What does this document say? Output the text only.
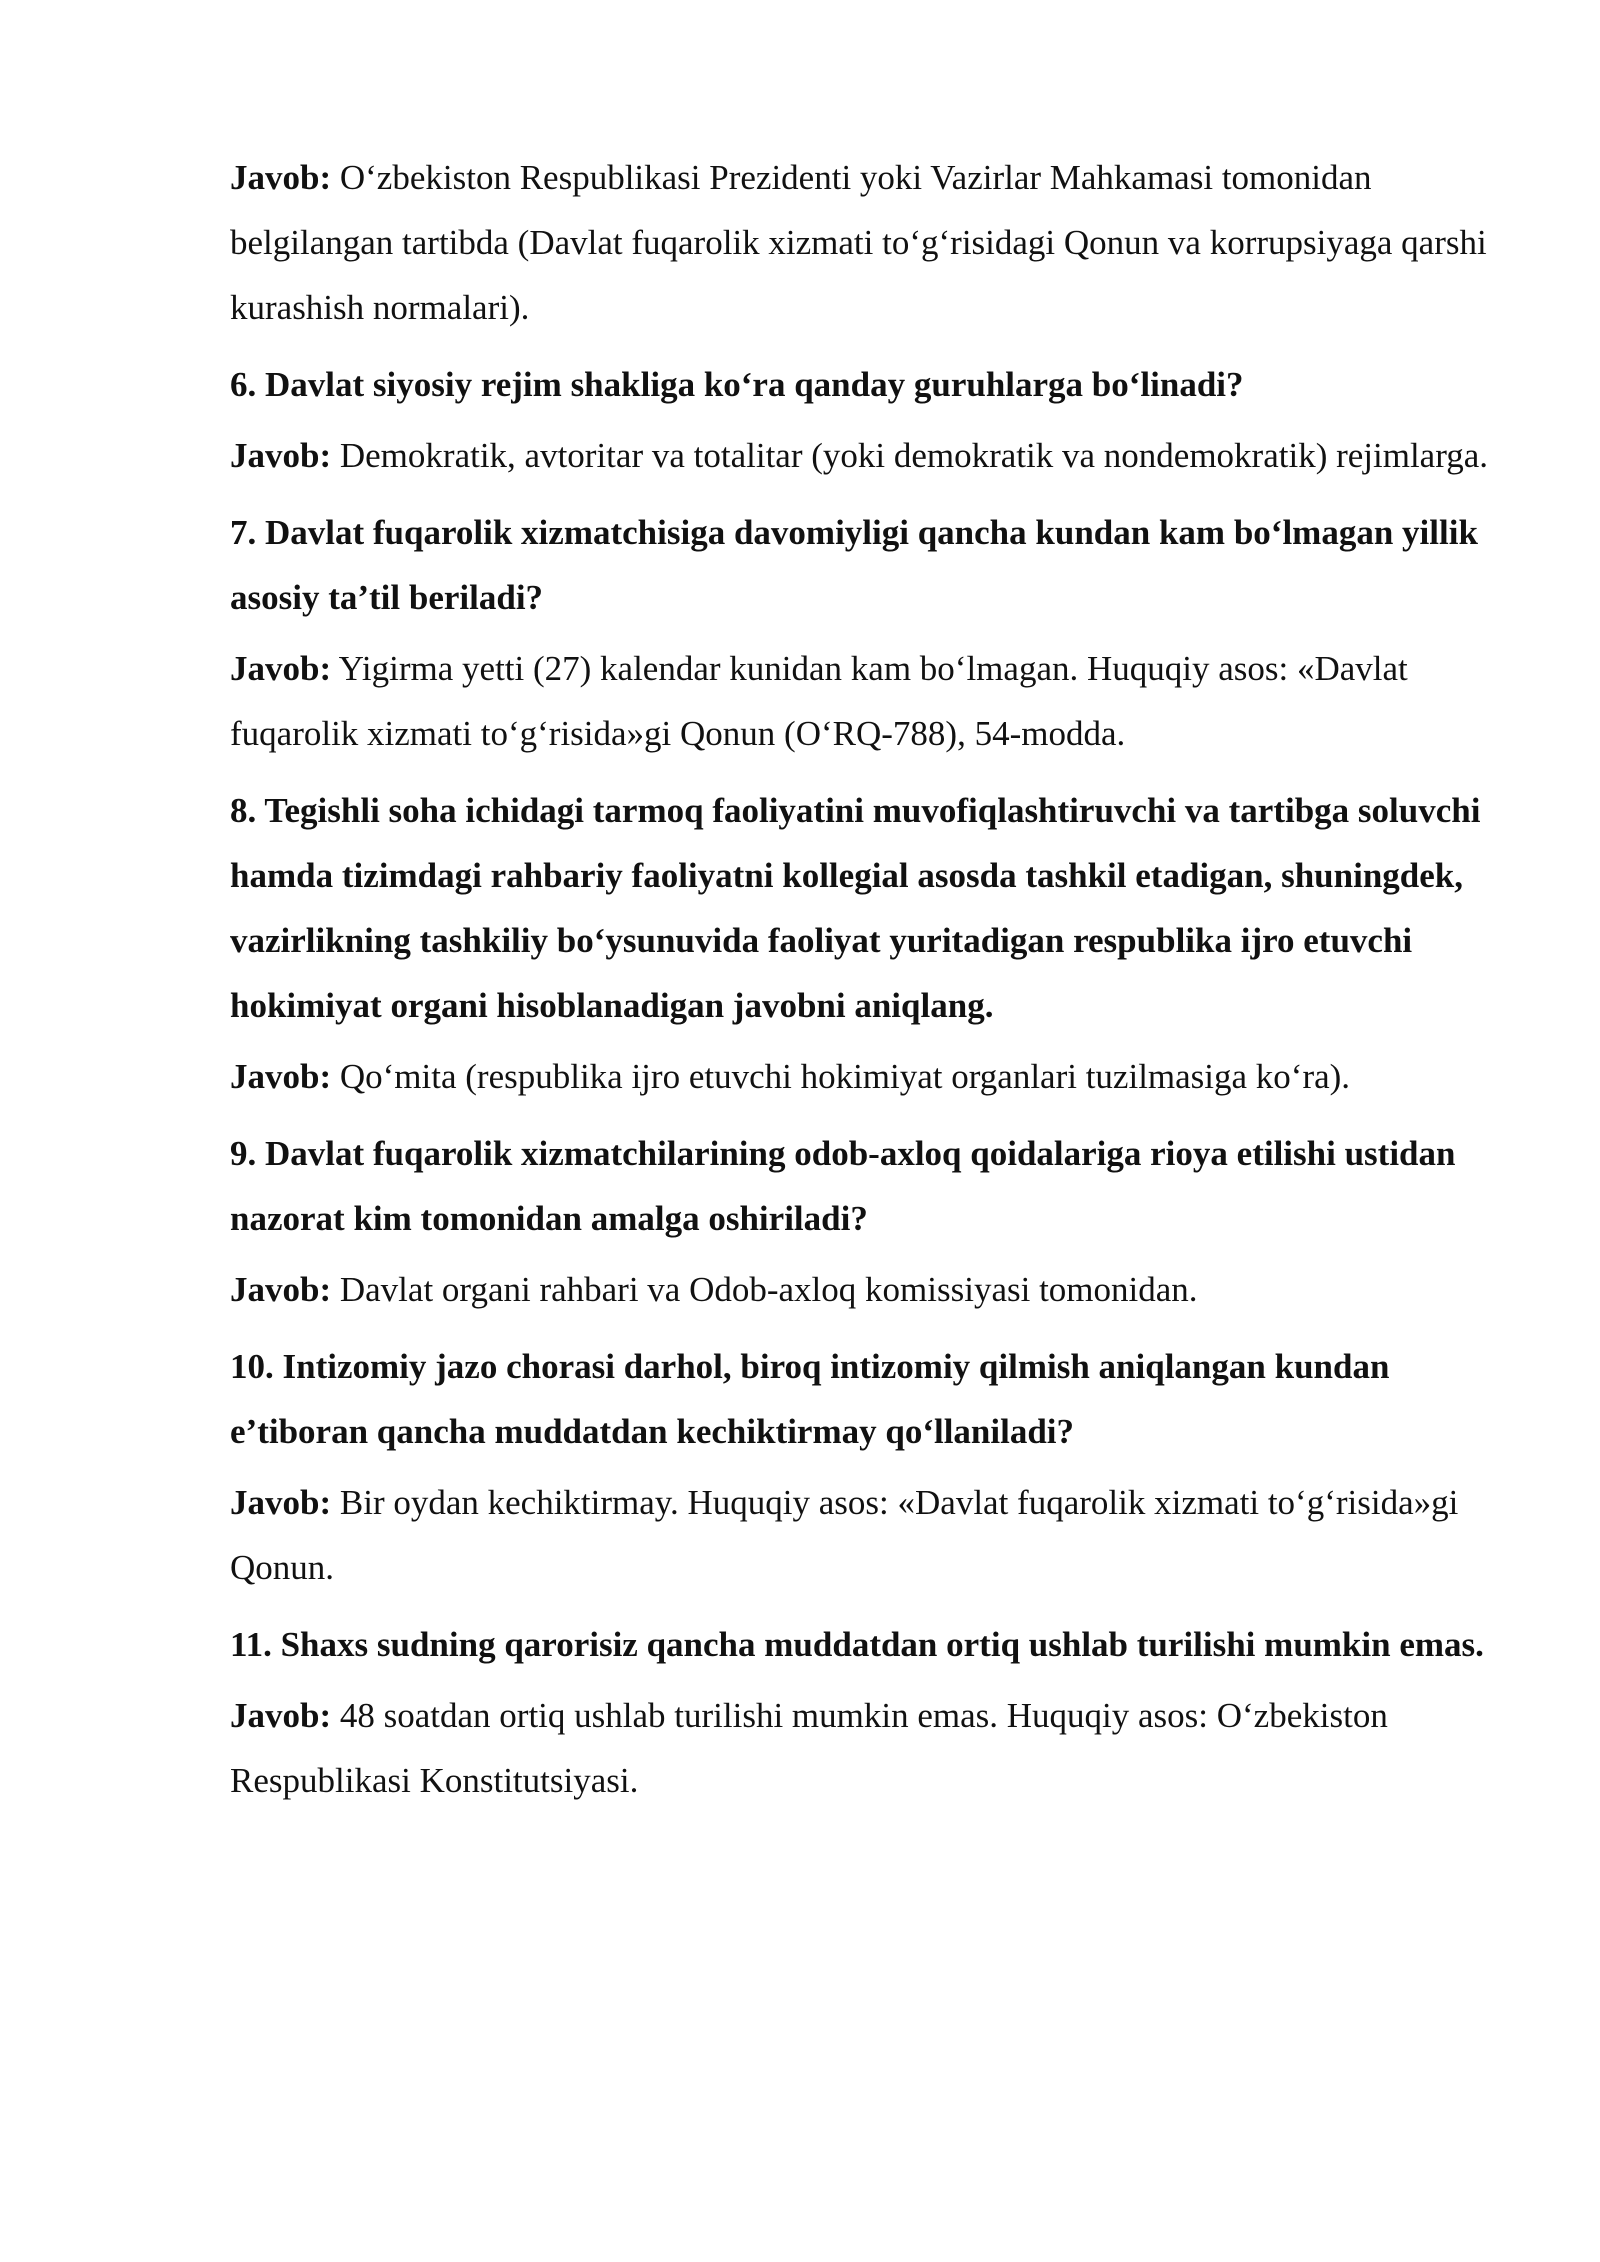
Javob: O‘zbekiston Respublikasi Prezidenti yoki Vazirlar Mahkamasi tomonidan belgilangan tartibda (Davlat fuqarolik xizmati to‘g‘risidagi Qonun va korrupsiyaga qarshi kurashish normalari).

6. Davlat siyosiy rejim shakliga ko‘ra qanday guruhlarga bo‘linadi?

Javob: Demokratik, avtoritar va totalitar (yoki demokratik va nondemokratik) rejimlarga.

7. Davlat fuqarolik xizmatchisiga davomiyligi qancha kundan kam bo‘lmagan yillik asosiy ta’til beriladi?

Javob: Yigirma yetti (27) kalendar kunidan kam bo‘lmagan. Huquqiy asos: «Davlat fuqarolik xizmati to‘g‘risida»gi Qonun (O‘RQ-788), 54-modda.

8. Tegishli soha ichidagi tarmoq faoliyatini muvofiqlashtiruvchi va tartibga soluvchi hamda tizimdagi rahbariy faoliyatni kollegial asosda tashkil etadigan, shuningdek, vazirlikning tashkiliy bo‘ysunuvida faoliyat yuritadigan respublika ijro etuvchi hokimiyat organi hisoblanadigan javobni aniqlang.

Javob: Qo‘mita (respublika ijro etuvchi hokimiyat organlari tuzilmasiga ko‘ra).

9. Davlat fuqarolik xizmatchilarining odob-axloq qoidalariga rioya etilishi ustidan nazorat kim tomonidan amalga oshiriladi?

Javob: Davlat organi rahbari va Odob-axloq komissiyasi tomonidan.

10. Intizomiy jazo chorasi darhol, biroq intizomiy qilmish aniqlangan kundan e’tiboran qancha muddatdan kechiktirmay qo‘llaniladi?

Javob: Bir oydan kechiktirmay. Huquqiy asos: «Davlat fuqarolik xizmati to‘g‘risida»gi Qonun.

11. Shaxs sudning qarorisiz qancha muddatdan ortiq ushlab turilishi mumkin emas.

Javob: 48 soatdan ortiq ushlab turilishi mumkin emas. Huquqiy asos: O‘zbekiston Respublikasi Konstitutsiyasi.
